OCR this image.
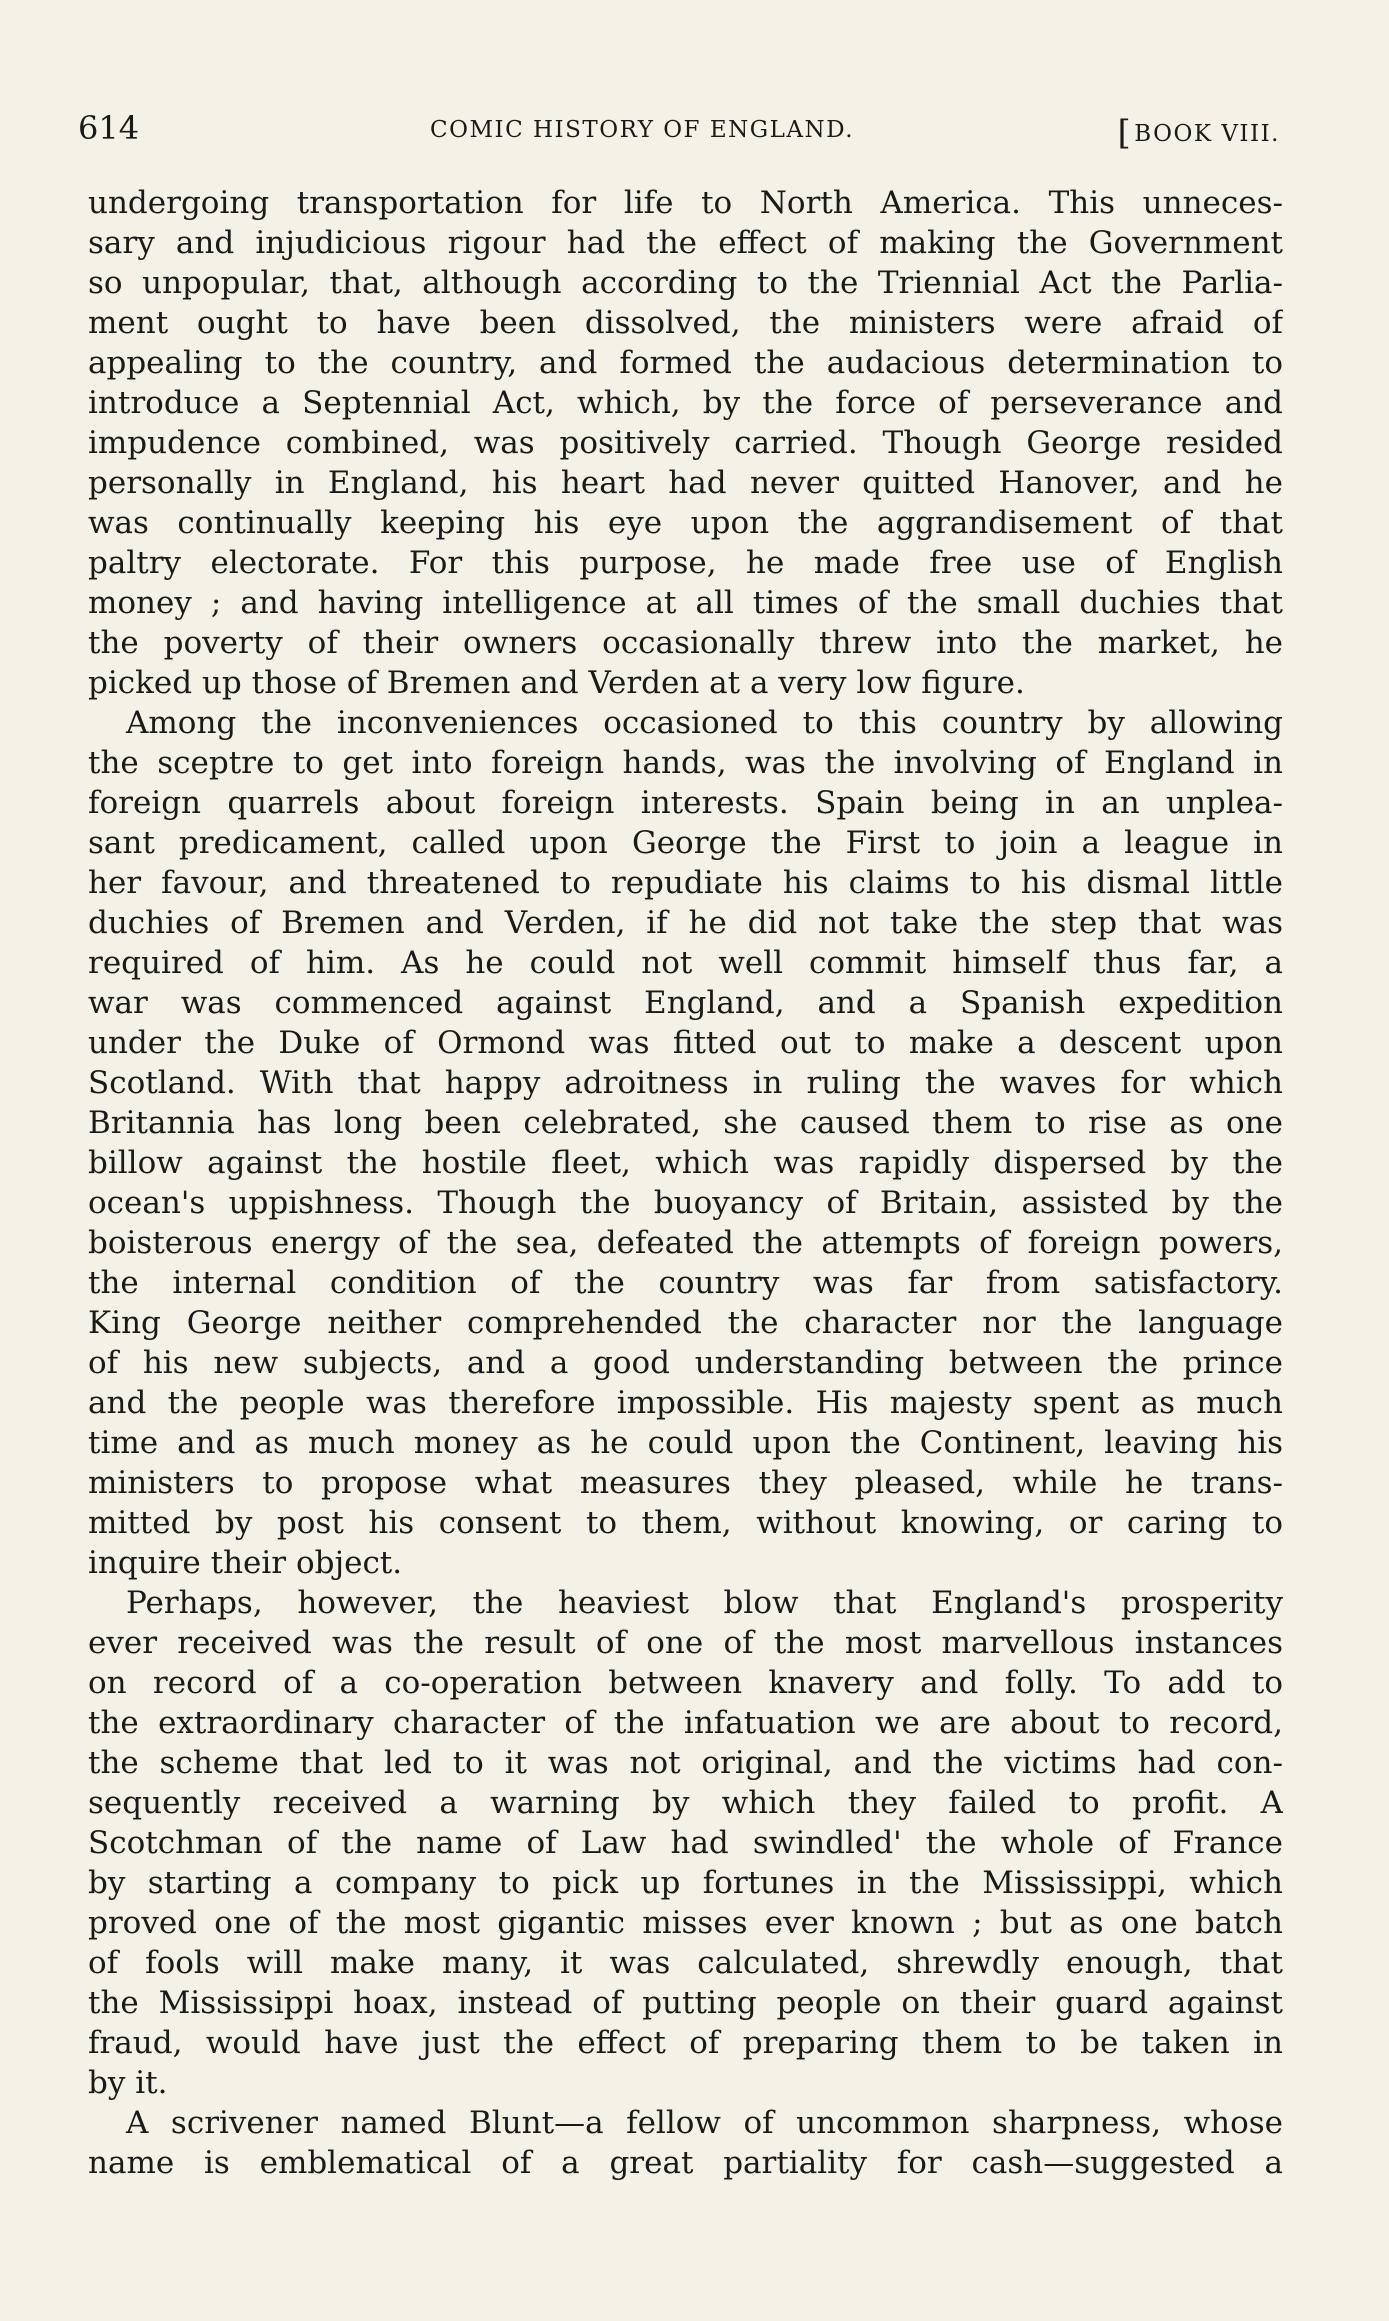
614	COMIC HISTORY OF ENGLAND.	[BOOK VIII.
undergoing transportation for life to North America. This unneces-
sary and injudicious rigour had the effect of making the Government
so unpopular, that, although according to the Triennial Act the Parlia-
ment ought to have been dissolved, the ministers were afraid of
appealing to the country, and formed the audacious determination to
introduce a Septennial Act, which, by the force of perseverance and
impudence combined, was positively carried. Though George resided
personally in England, his heart had never quitted Hanover, and he
was continually keeping his eye upon the aggrandisement of that
paltry electorate. For this purpose, he made free use of English
money ; and having intelligence at all times of the small duchies that
the poverty of their owners occasionally threw into the market, he
picked up those of Bremen and Verden at a very low figure.
Among the inconveniences occasioned to this country by allowing
the sceptre to get into foreign hands, was the involving of England in
foreign quarrels about foreign interests. Spain being in an unplea-
sant predicament, called upon George the First to join a league in
her favour, and threatened to repudiate his claims to his dismal little
duchies of Bremen and Verden, if he did not take the step that was
required of him. As he could not well commit himself thus far, a
war was commenced against England, and a Spanish expedition
under the Duke of Ormond was fitted out to make a descent upon
Scotland. With that happy adroitness in ruling the waves for which
Britannia has long been celebrated, she caused them to rise as one
billow against the hostile fleet, which was rapidly dispersed by the
ocean's uppishness. Though the buoyancy of Britain, assisted by the
boisterous energy of the sea, defeated the attempts of foreign powers,
the internal condition of the country was far from satisfactory.
King George neither comprehended the character nor the language
of his new subjects, and a good understanding between the prince
and the people was therefore impossible. His majesty spent as much
time and as much money as he could upon the Continent, leaving his
ministers to propose what measures they pleased, while he trans-
mitted by post his consent to them, without knowing, or caring to
inquire their object.
Perhaps, however, the heaviest blow that England's prosperity
ever received was the result of one of the most marvellous instances
on record of a co-operation between knavery and folly. To add to
the extraordinary character of the infatuation we are about to record,
the scheme that led to it was not original, and the victims had con-
sequently received a warning by which they failed to profit. A
Scotchman of the name of Law had swindled' the whole of France
by starting a company to pick up fortunes in the Mississippi, which
proved one of the most gigantic misses ever known ; but as one batch
of fools will make many, it was calculated, shrewdly enough, that
the Mississippi hoax, instead of putting people on their guard against
fraud, would have just the effect of preparing them to be taken in
by it.
A scrivener named Blunt—a fellow of uncommon sharpness, whose
name is emblematical of a great partiality for cash—suggested a
